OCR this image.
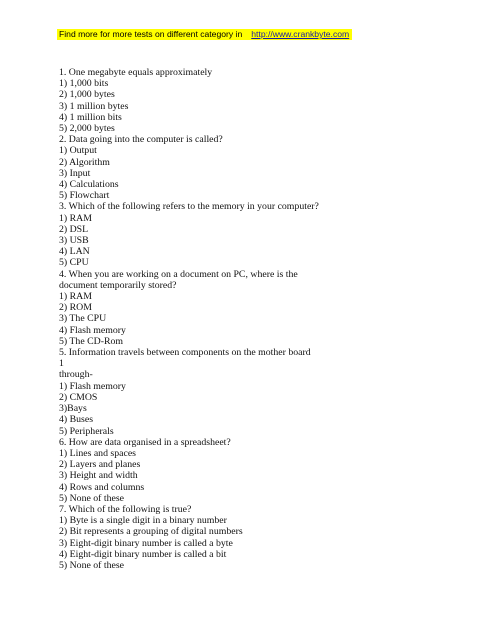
Find more for more tests on different category in http://www.crankbyte.com
1. One megabyte equals approximately
1) 1,000 bits
2) 1,000 bytes
3) 1 million bytes
4) 1 million bits
5) 2,000 bytes
2. Data going into the computer is called?
1) Output
2) Algorithm
3) Input
4) Calculations
5) Flowchart
3. Which of the following refers to the memory in your computer?
1) RAM
2) DSL
3) USB
4) LAN
5) CPU
4. When you are working on a document on PC, where is the
document temporarily stored?
1) RAM
2) ROM
3) The CPU
4) Flash memory
5) The CD-Rom
5. Information travels between components on the mother board
1
through-
1) Flash memory
2) CMOS
3)Bays
4) Buses
5) Peripherals
6. How are data organised in a spreadsheet?
1) Lines and spaces
2) Layers and planes
3) Height and width
4) Rows and columns
5) None of these
7. Which of the following is true?
1) Byte is a single digit in a binary number
2) Bit represents a grouping of digital numbers
3) Eight-digit binary number is called a byte
4) Eight-digit binary number is called a bit
5) None of these
